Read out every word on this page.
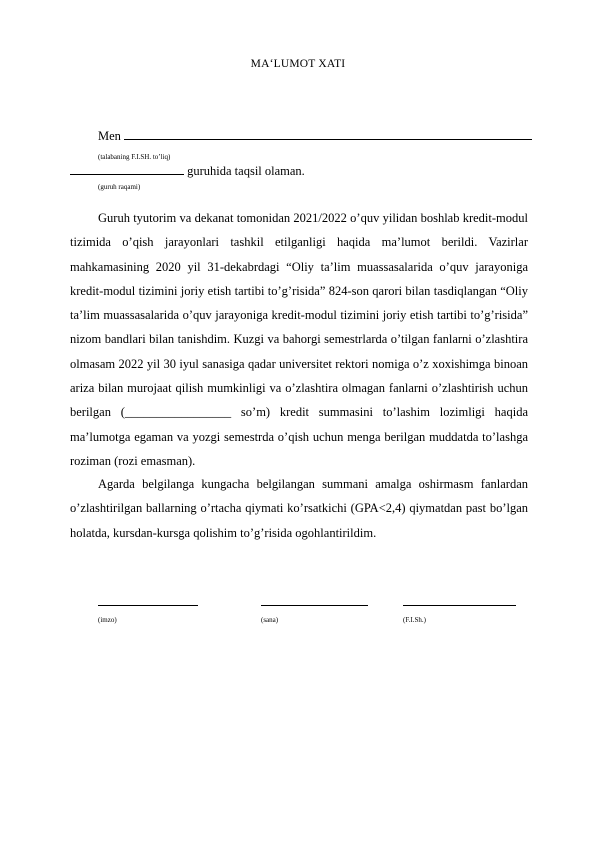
MA‘LUMOT XATI
Men
(talabaning F.I.SH. to’liq)
guruhida taqsil olaman.
(guruh raqami)

Guruh tyutorim va dekanat tomonidan 2021/2022 o’quv yilidan boshlab kredit-modul tizimida o’qish jarayonlari tashkil etilganligi haqida ma’lumot berildi. Vazirlar mahkamasining 2020 yil 31-dekabrdagi “Oliy ta’lim muassasalarida o’quv jarayoniga kredit-modul tizimini joriy etish tartibi to’g’risida” 824-son qarori bilan tasdiqlangan “Oliy ta’lim muassasalarida o’quv jarayoniga kredit-modul tizimini joriy etish tartibi to’g’risida” nizom bandlari bilan tanishdim. Kuzgi va bahorgi semestrlarda o’tilgan fanlarni o’zlashtira olmasam 2022 yil 30 iyul sanasiga qadar universitet rektori nomiga o’z xoxishimga binoan ariza bilan murojaat qilish mumkinligi va o’zlashtira olmagan fanlarni o’zlashtirish uchun berilgan (_________________ so’m) kredit summasini to’lashim lozimligi haqida ma’lumotga egaman va yozgi semestrda o’qish uchun menga berilgan muddatda to’lashga roziman (rozi emasman).

Agarda belgilanga kungacha belgilangan summani amalga oshirmasm fanlardan o’zlashtirilgan ballarning o’rtacha qiymati ko’rsatkichi (GPA<2,4) qiymatdan past bo’lgan holatda, kursdan-kursga qolishim to’g’risida ogohlantirildim.

(imzo)	(sana)	(F.I.Sh.)
